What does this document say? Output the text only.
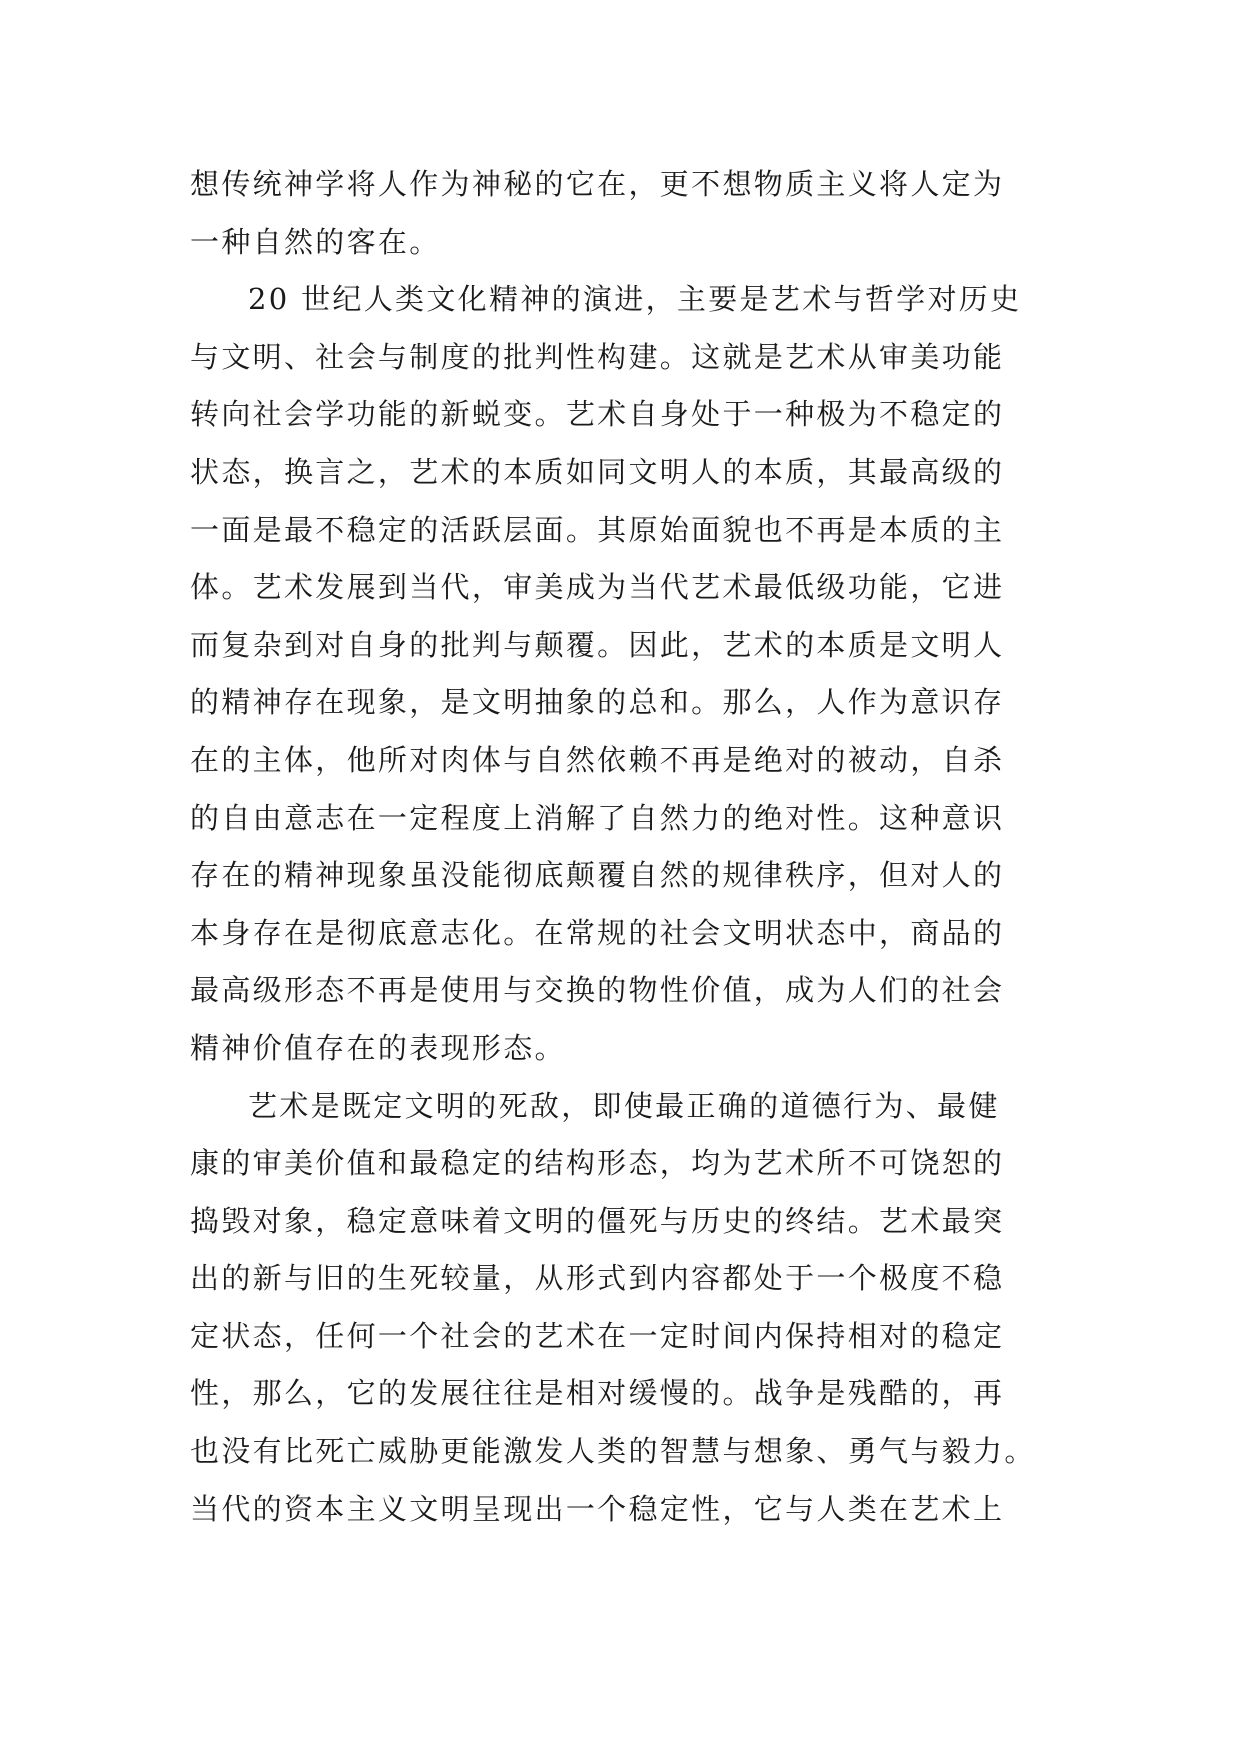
想传统神学将人作为神秘的它在，更不想物质主义将人定为
一种自然的客在。
20 世纪人类文化精神的演进，主要是艺术与哲学对历史
与文明、社会与制度的批判性构建。这就是艺术从审美功能
转向社会学功能的新蜕变。艺术自身处于一种极为不稳定的
状态，换言之，艺术的本质如同文明人的本质，其最高级的
一面是最不稳定的活跃层面。其原始面貌也不再是本质的主
体。艺术发展到当代，审美成为当代艺术最低级功能，它进
而复杂到对自身的批判与颠覆。因此，艺术的本质是文明人
的精神存在现象，是文明抽象的总和。那么，人作为意识存
在的主体，他所对肉体与自然依赖不再是绝对的被动，自杀
的自由意志在一定程度上消解了自然力的绝对性。这种意识
存在的精神现象虽没能彻底颠覆自然的规律秩序，但对人的
本身存在是彻底意志化。在常规的社会文明状态中，商品的
最高级形态不再是使用与交换的物性价值，成为人们的社会
精神价值存在的表现形态。
艺术是既定文明的死敌，即使最正确的道德行为、最健
康的审美价值和最稳定的结构形态，均为艺术所不可饶恕的
捣毁对象，稳定意味着文明的僵死与历史的终结。艺术最突
出的新与旧的生死较量，从形式到内容都处于一个极度不稳
定状态，任何一个社会的艺术在一定时间内保持相对的稳定
性，那么，它的发展往往是相对缓慢的。战争是残酷的，再
也没有比死亡威胁更能激发人类的智慧与想象、勇气与毅力。
当代的资本主义文明呈现出一个稳定性，它与人类在艺术上
